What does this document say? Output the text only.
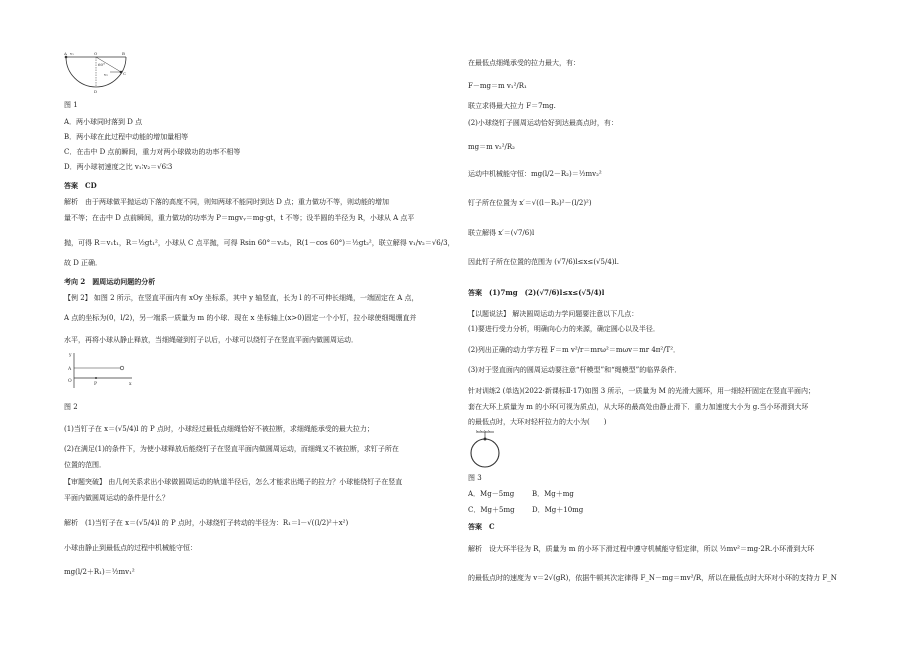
A v₁	O	B
60°
v₂	C
D
图 1
A．两小球同时落到 D 点
B．两小球在此过程中动能的增加量相等
C．在击中 D 点前瞬间，重力对两小球做功的功率不相等
D．两小球初速度之比 v₁∶v₂＝√6∶3
答案　CD
解析　由于两球做平抛运动下落的高度不同，则知两球不能同时到达 D 点；重力做功不等，则动能的增加
量不等；在击中 D 点前瞬间，重力做功的功率为 P＝mgvᵧ＝mg·gt，t 不等；设半圆的半径为 R，小球从 A 点平
抛，可得 R＝v₁t₁，R＝½gt₁²，小球从 C 点平抛，可得 Rsin 60°＝v₂t₂，R(1－cos 60°)＝½gt₂²，联立解得 v₁/v₂＝√6/3，
故 D 正确．
考向 2　圆周运动问题的分析
【例 2】 如图 2 所示，在竖直平面内有 xOy 坐标系，其中 y 轴竖直，长为 l 的不可伸长细绳，一端固定在 A 点，
A 点的坐标为(0，l/2)，另一端系一质量为 m 的小球．现在 x 坐标轴上(x>0)固定一个小钉，拉小球使细绳绷直并
水平，再将小球从静止释放，当细绳碰到钉子以后，小球可以绕钉子在竖直平面内做圆周运动．
y
A
O
P	x
图 2
(1)当钉子在 x＝(√5/4)l 的 P 点时，小球经过最低点细绳恰好不被拉断，求细绳能承受的最大拉力；
(2)在满足(1)的条件下，为使小球释放后能绕钉子在竖直平面内做圆周运动，而细绳又不被拉断，求钉子所在
位置的范围．
【审题突破】 由几何关系求出小球做圆周运动的轨道半径后，怎么才能求出绳子的拉力？小球能绕钉子在竖直
平面内做圆周运动的条件是什么？
解析　(1)当钉子在 x＝(√5/4)l 的 P 点时，小球绕钉子转动的半径为：R₁＝l－√((l/2)²＋x²)
小球由静止到最低点的过程中机械能守恒：
mg(l/2＋R₁)＝½mv₁²
在最低点细绳承受的拉力最大，有：
F－mg＝m v₁²/R₁
联立求得最大拉力 F＝7mg.
(2)小球绕钉子圆周运动恰好到达最高点时，有：
mg＝m v₂²/R₂
运动中机械能守恒：mg(l/2－R₂)＝½mv₂²
钉子所在位置为 x′＝√((l－R₂)²－(l/2)²)
联立解得 x′＝(√7/6)l
因此钉子所在位置的范围为 (√7/6)l≤x≤(√5/4)l.
答案　(1)7mg　(2)(√7/6)l≤x≤(√5/4)l
【以题说法】 解决圆周运动力学问题要注意以下几点：
(1)要进行受力分析，明确向心力的来源，确定圆心以及半径．
(2)列出正确的动力学方程 F＝m v²/r＝mrω²＝mωv＝mr 4π²/T²．
(3)对于竖直面内的圆周运动要注意“杆模型”和“绳模型”的临界条件．
针对训练2 (单选)(2022·新课标Ⅱ·17)如图 3 所示，一质量为 M 的光滑大圆环，用一细轻杆固定在竖直平面内；
套在大环上质量为 m 的小环(可视为质点)，从大环的最高处由静止滑下．重力加速度大小为 g.当小环滑到大环
的最低点时，大环对轻杆拉力的大小为(　　)
图 3
A．Mg－5mg	B．Mg＋mg
C．Mg＋5mg D．Mg＋10mg
答案　C
解析　设大环半径为 R，质量为 m 的小环下滑过程中遵守机械能守恒定律，所以 ½mv²＝mg·2R.小环滑到大环
的最低点时的速度为 v＝2√(gR)，依据牛顿其次定律得 F_N－mg＝mv²/R，所以在最低点时大环对小环的支持力 F_N
